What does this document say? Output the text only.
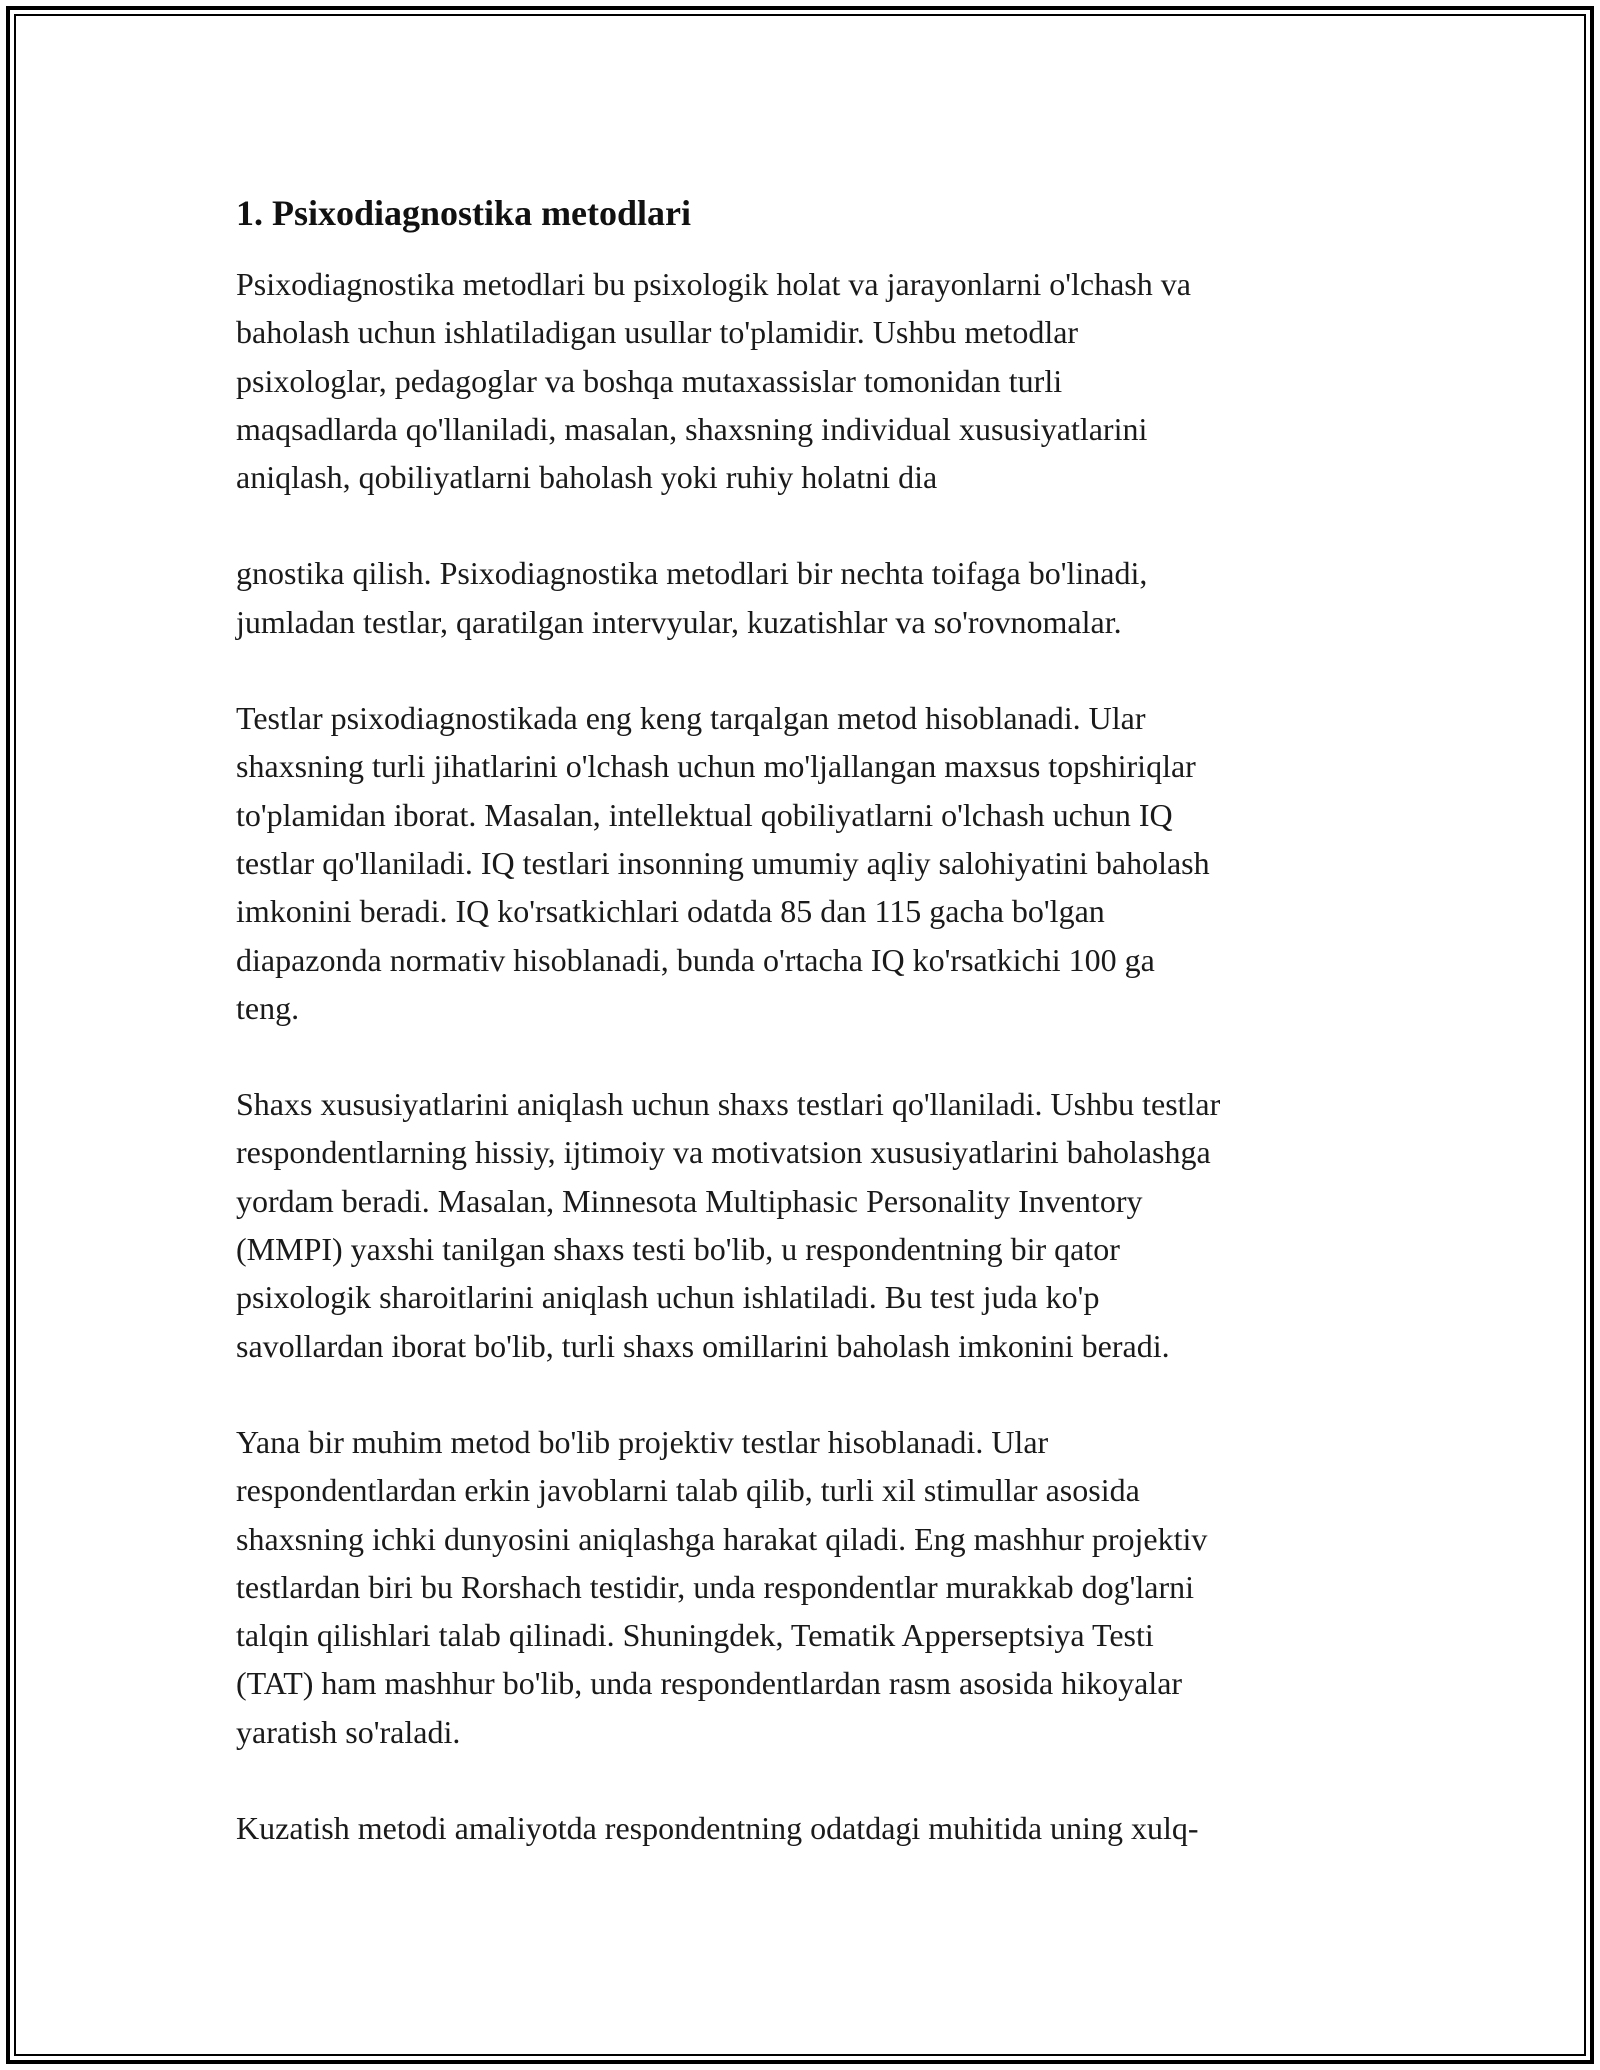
1. Psixodiagnostika metodlari

Psixodiagnostika metodlari bu psixologik holat va jarayonlarni o'lchash va
baholash uchun ishlatiladigan usullar to'plamidir. Ushbu metodlar
psixologlar, pedagoglar va boshqa mutaxassislar tomonidan turli
maqsadlarda qo'llaniladi, masalan, shaxsning individual xususiyatlarini
aniqlash, qobiliyatlarni baholash yoki ruhiy holatni dia

gnostika qilish. Psixodiagnostika metodlari bir nechta toifaga bo'linadi,
jumladan testlar, qaratilgan intervyular, kuzatishlar va so'rovnomalar.

Testlar psixodiagnostikada eng keng tarqalgan metod hisoblanadi. Ular
shaxsning turli jihatlarini o'lchash uchun mo'ljallangan maxsus topshiriqlar
to'plamidan iborat. Masalan, intellektual qobiliyatlarni o'lchash uchun IQ
testlar qo'llaniladi. IQ testlari insonning umumiy aqliy salohiyatini baholash
imkonini beradi. IQ ko'rsatkichlari odatda 85 dan 115 gacha bo'lgan
diapazonda normativ hisoblanadi, bunda o'rtacha IQ ko'rsatkichi 100 ga
teng.

Shaxs xususiyatlarini aniqlash uchun shaxs testlari qo'llaniladi. Ushbu testlar
respondentlarning hissiy, ijtimoiy va motivatsion xususiyatlarini baholashga
yordam beradi. Masalan, Minnesota Multiphasic Personality Inventory
(MMPI) yaxshi tanilgan shaxs testi bo'lib, u respondentning bir qator
psixologik sharoitlarini aniqlash uchun ishlatiladi. Bu test juda ko'p
savollardan iborat bo'lib, turli shaxs omillarini baholash imkonini beradi.

Yana bir muhim metod bo'lib projektiv testlar hisoblanadi. Ular
respondentlardan erkin javoblarni talab qilib, turli xil stimullar asosida
shaxsning ichki dunyosini aniqlashga harakat qiladi. Eng mashhur projektiv
testlardan biri bu Rorshach testidir, unda respondentlar murakkab dog'larni
talqin qilishlari talab qilinadi. Shuningdek, Tematik Apperseptsiya Testi
(TAT) ham mashhur bo'lib, unda respondentlardan rasm asosida hikoyalar
yaratish so'raladi.

Kuzatish metodi amaliyotda respondentning odatdagi muhitida uning xulq-
